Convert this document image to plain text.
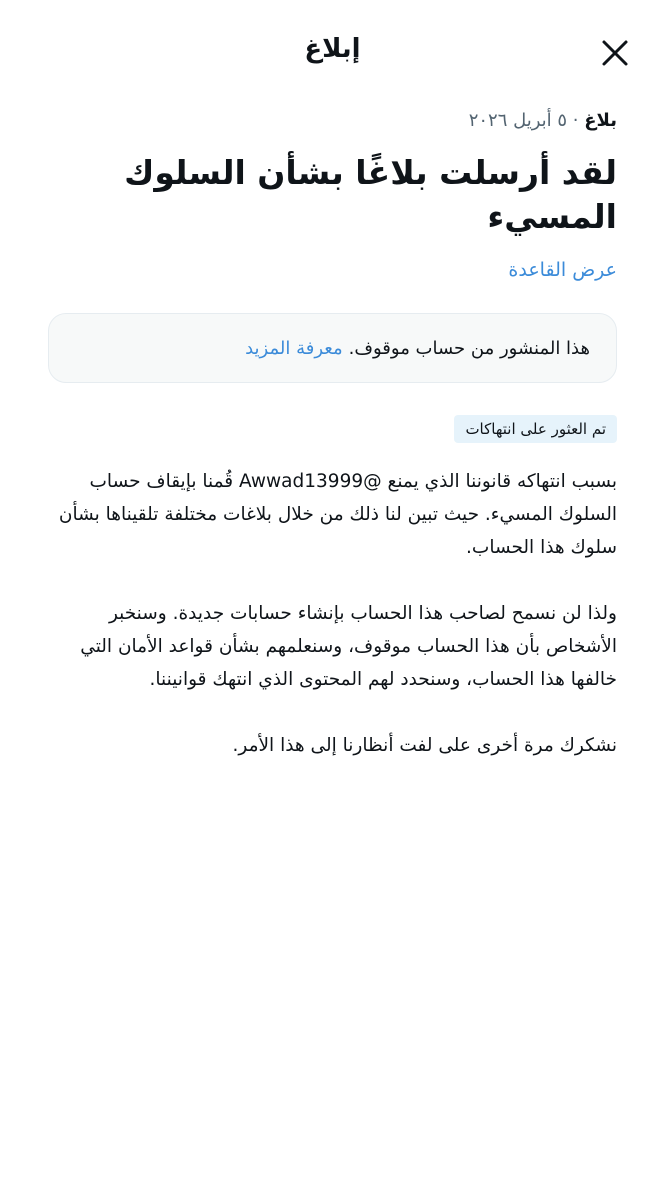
إبلاغ
بلاغ · ٥ أبريل ٢٠٢٦
لقد أرسلت بلاغًا بشأن السلوك المسيء
عرض القاعدة
هذا المنشور من حساب موقوف.
معرفة المزيد
تم العثور على انتهاكات

بسبب انتهاكه قانوننا الذي يمنع @Awwad13999 قُمنا بإيقاف حساب السلوك المسيء. حيث تبين لنا ذلك من خلال بلاغات مختلفة تلقيناها بشأن سلوك هذا الحساب.

ولذا لن نسمح لصاحب هذا الحساب بإنشاء حسابات جديدة. وسنخبر الأشخاص بأن هذا الحساب موقوف، وسنعلمهم بشأن قواعد الأمان التي خالفها هذا الحساب، وسنحدد لهم المحتوى الذي انتهك قوانيننا.

نشكرك مرة أخرى على لفت أنظارنا إلى هذا الأمر.
